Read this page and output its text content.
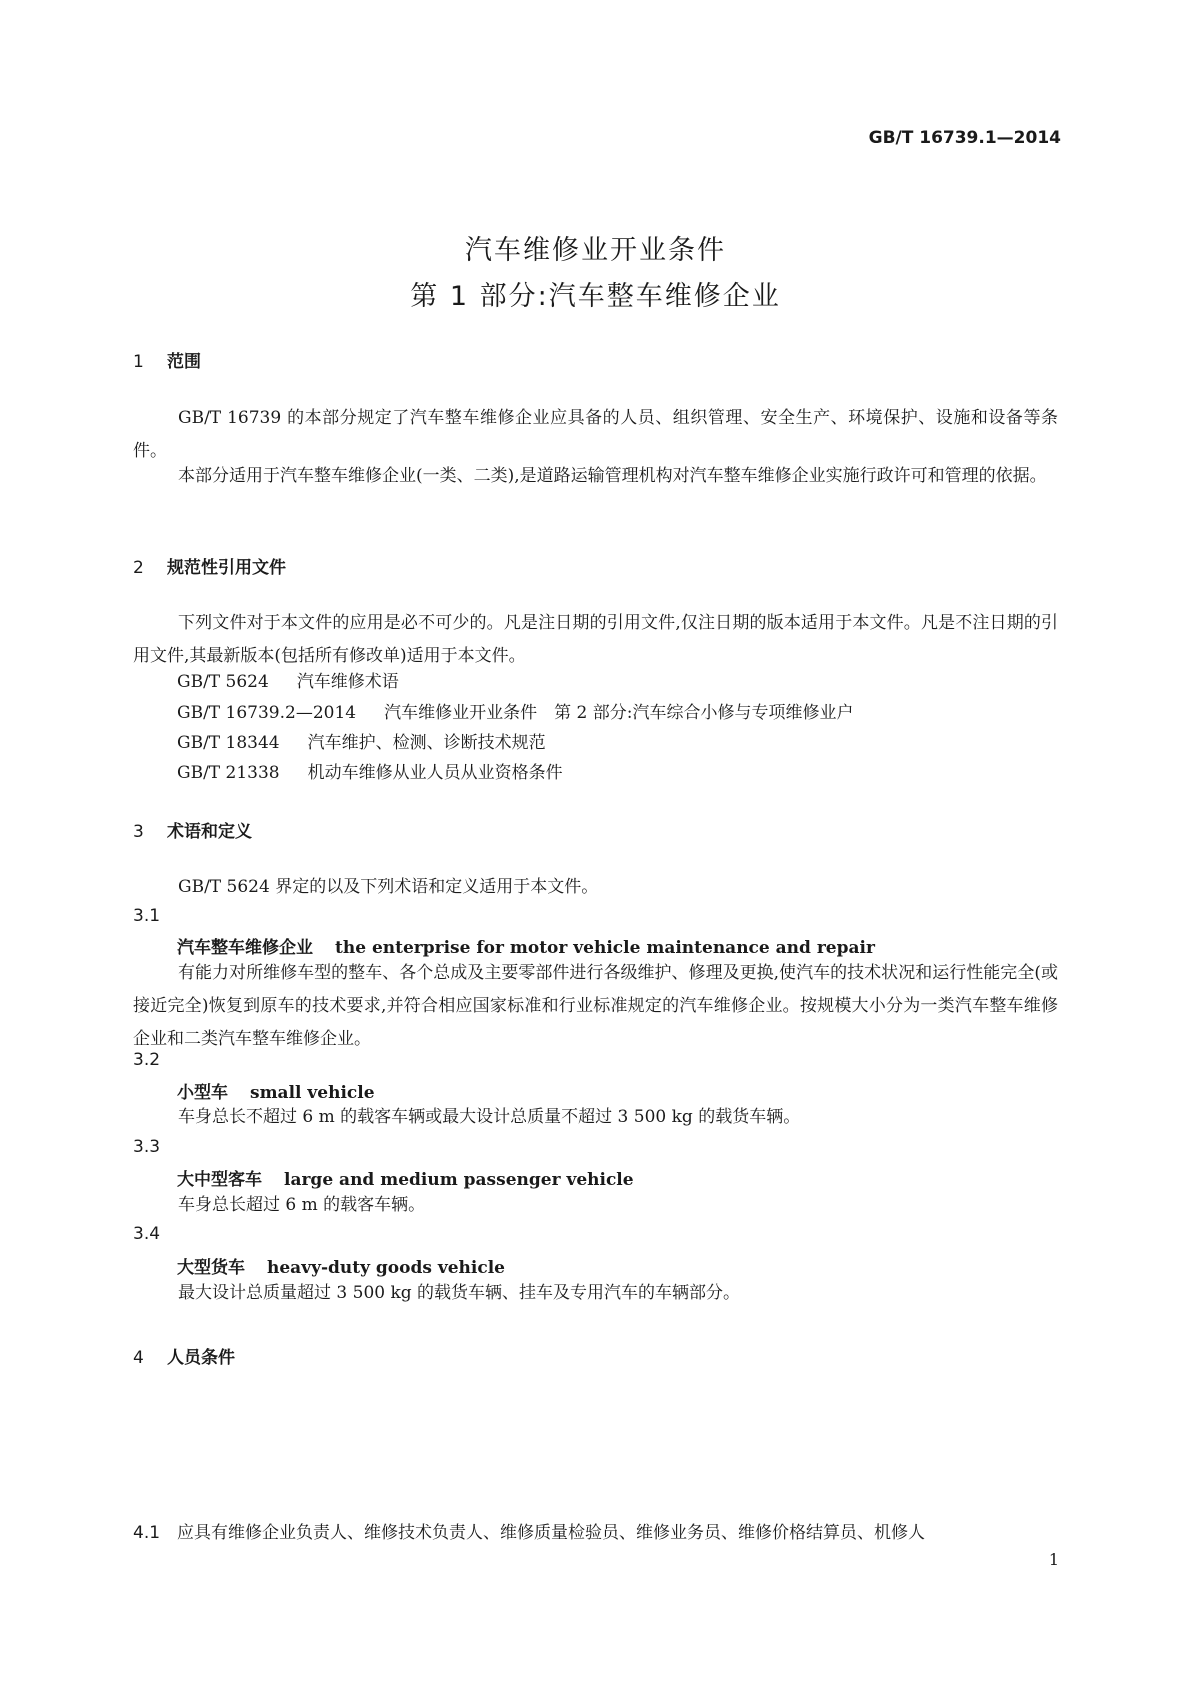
GB/T 16739.1—2014
汽车维修业开业条件
第 1 部分:汽车整车维修企业
1 范围
GB/T 16739 的本部分规定了汽车整车维修企业应具备的人员、组织管理、安全生产、环境保护、设施和设备等条件。
本部分适用于汽车整车维修企业(一类、二类),是道路运输管理机构对汽车整车维修企业实施行政许可和管理的依据。
2 规范性引用文件
下列文件对于本文件的应用是必不可少的。凡是注日期的引用文件,仅注日期的版本适用于本文件。凡是不注日期的引用文件,其最新版本(包括所有修改单)适用于本文件。
GB/T 5624 汽车维修术语
GB/T 16739.2—2014 汽车维修业开业条件　第 2 部分:汽车综合小修与专项维修业户
GB/T 18344 汽车维护、检测、诊断技术规范
GB/T 21338 机动车维修从业人员从业资格条件
3 术语和定义
GB/T 5624 界定的以及下列术语和定义适用于本文件。
3.1
汽车整车维修企业 the enterprise for motor vehicle maintenance and repair
有能力对所维修车型的整车、各个总成及主要零部件进行各级维护、修理及更换,使汽车的技术状况和运行性能完全(或接近完全)恢复到原车的技术要求,并符合相应国家标准和行业标准规定的汽车维修企业。按规模大小分为一类汽车整车维修企业和二类汽车整车维修企业。
3.2
小型车 small vehicle
车身总长不超过 6 m 的载客车辆或最大设计总质量不超过 3 500 kg 的载货车辆。
3.3
大中型客车 large and medium passenger vehicle
车身总长超过 6 m 的载客车辆。
3.4
大型货车 heavy-duty goods vehicle
最大设计总质量超过 3 500 kg 的载货车辆、挂车及专用汽车的车辆部分。
4 人员条件
4.1 应具有维修企业负责人、维修技术负责人、维修质量检验员、维修业务员、维修价格结算员、机修人
1
